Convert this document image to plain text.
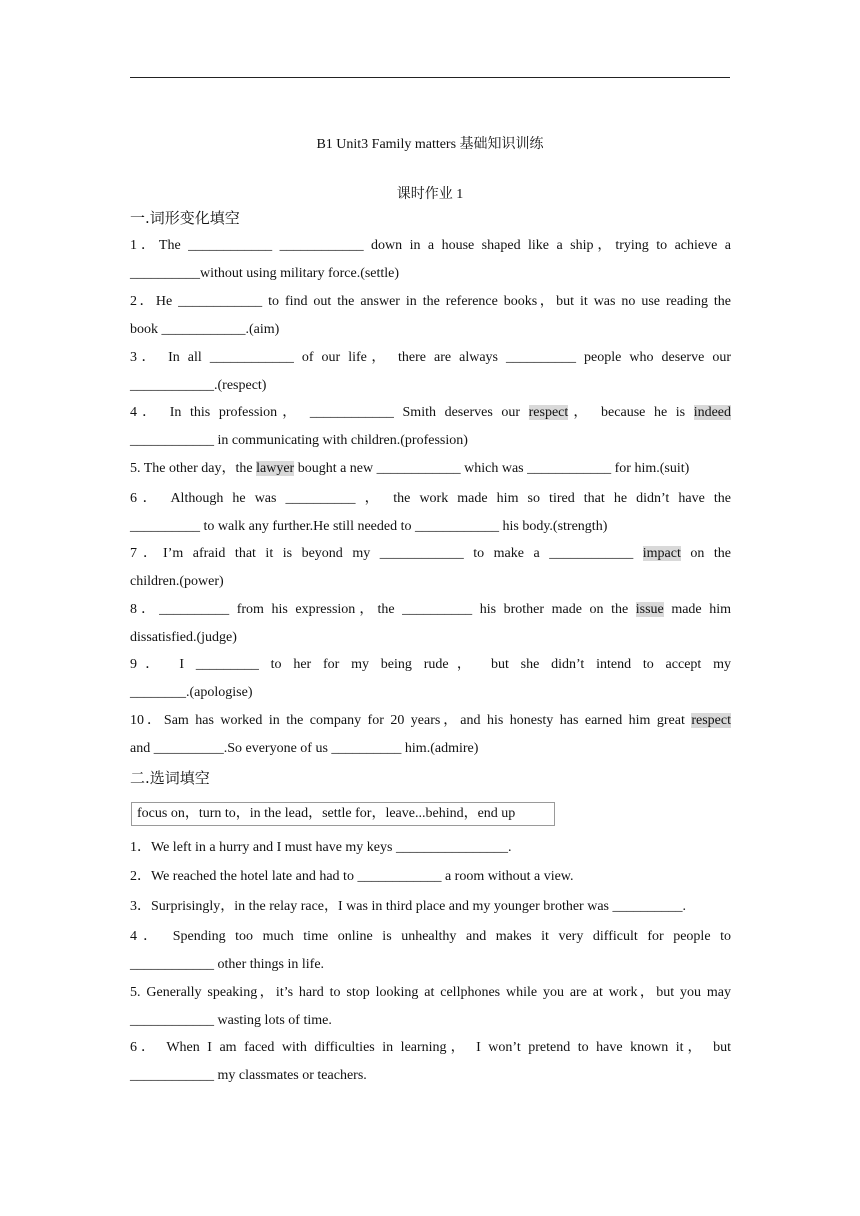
B1 Unit3 Family matters 基础知识训练
课时作业 1
一.词形变化填空
1．The ____________ ____________ down in a house shaped like a ship，trying to achieve a
__________without using military force.(settle)
2．He ____________ to find out the answer in the reference books，but it was no use reading the
book ____________.(aim)
3． In all ____________ of our life， there are always __________ people who deserve our
____________.(respect)
4． In this profession， ____________ Smith deserves our respect， because he is indeed
____________ in communicating with children.(profession)
5. The other day，the lawyer bought a new ____________ which was ____________ for him.(suit)
6． Although he was __________ ， the work made him so tired that he didn’t have the
__________ to walk any further.He still needed to ____________ his body.(strength)
7．I’m afraid that it is beyond my ____________ to make a ____________ impact on the
children.(power)
8．__________ from his expression，the __________ his brother made on the issue made him
dissatisfied.(judge)
9． I _________ to her for my being rude， but she didn’t intend to accept my
________.(apologise)
10．Sam has worked in the company for 20 years，and his honesty has earned him great respect
and __________.So everyone of us __________ him.(admire)
二.选词填空
focus on，turn to，in the lead，settle for，leave...behind，end up
1．We left in a hurry and I must have my keys ________________.
2．We reached the hotel late and had to ____________ a room without a view.
3．Surprisingly，in the relay race，I was in third place and my younger brother was __________.
4． Spending too much time online is unhealthy and makes it very difficult for people to
____________ other things in life.
5. Generally speaking，it’s hard to stop looking at cellphones while you are at work，but you may
____________ wasting lots of time.
6． When I am faced with difficulties in learning， I won’t pretend to have known it， but
____________ my classmates or teachers.
